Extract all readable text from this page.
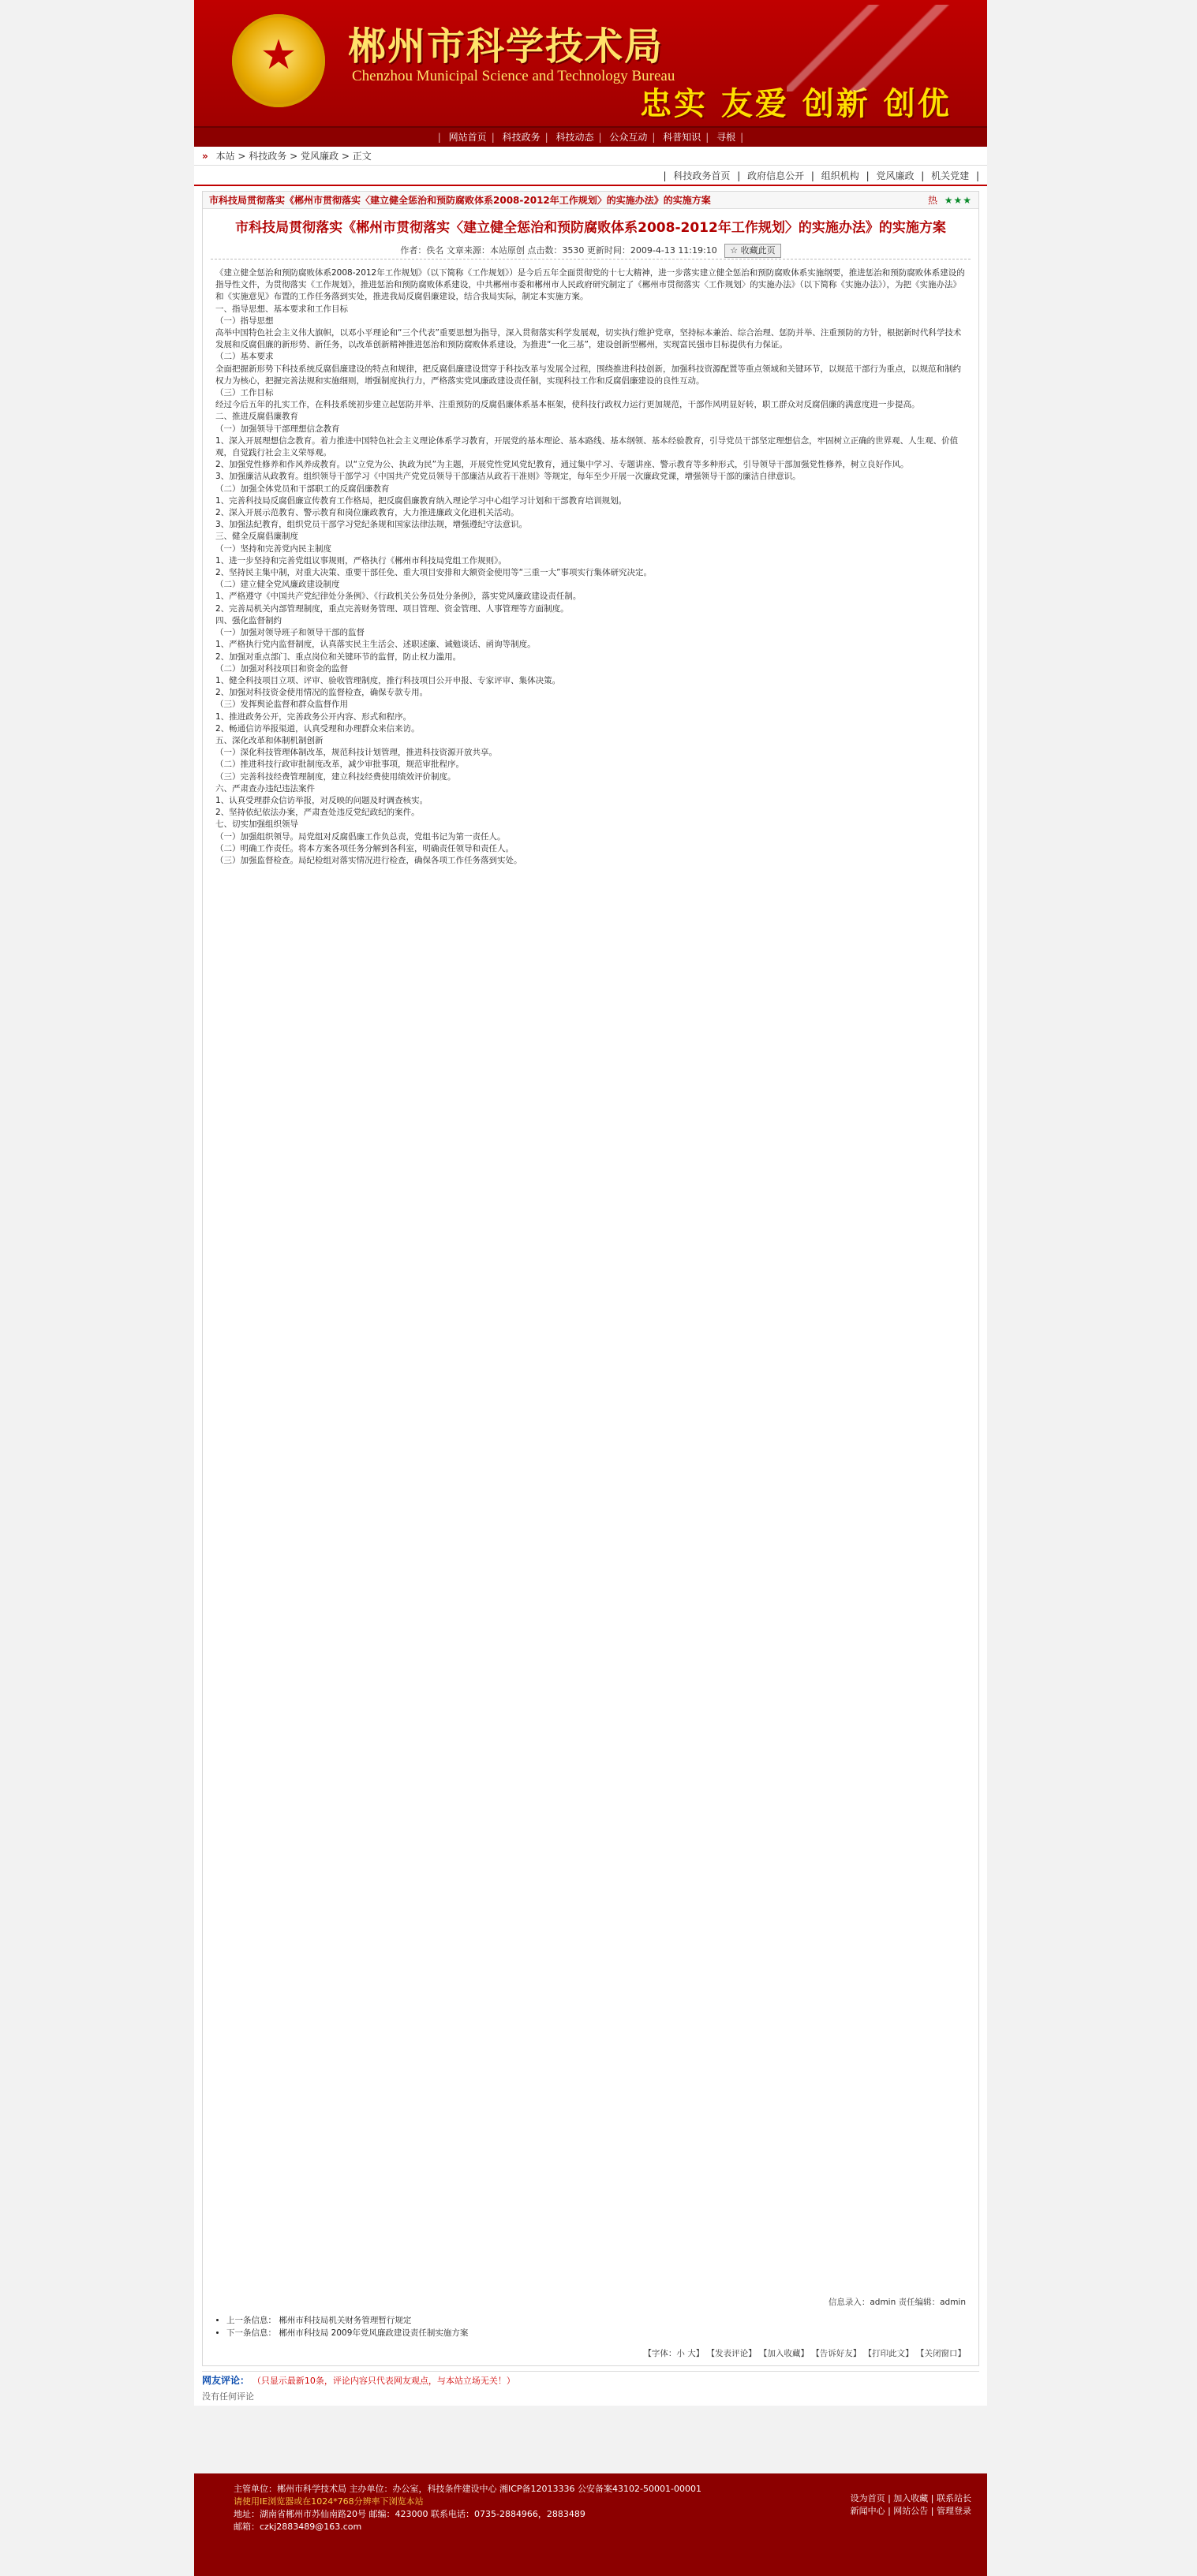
★
郴州市科学技术局
Chenzhou Municipal Science and Technology Bureau
忠实 友爱 创新 创优
| 网站首页 | 科技政务 | 科技动态 | 公众互动 | 科普知识 | 寻根 |
» 本站 > 科技政务 > 党风廉政 > 正文
| 科技政务首页 | 政府信息公开 | 组织机构 | 党风廉政 | 机关党建 |
市科技局贯彻落实《郴州市贯彻落实〈建立健全惩治和预防腐败体系2008-2012年工作规划〉的实施办法》的实施方案	热 ★★★
市科技局贯彻落实《郴州市贯彻落实〈建立健全惩治和预防腐败体系2008-2012年工作规划〉的实施办法》的实施方案
作者：佚名 文章来源：本站原创 点击数：3530 更新时间：2009-4-13 11:19:10 ☆ 收藏此页

《建立健全惩治和预防腐败体系2008-2012年工作规划》（以下简称《工作规划》）是今后五年全面贯彻党的十七大精神，进一步落实建立健全惩治和预防腐败体系实施纲要，推进惩治和预防腐败体系建设的指导性文件，为贯彻落实《工作规划》，推进惩治和预防腐败体系建设，中共郴州市委和郴州市人民政府研究制定了《郴州市贯彻落实〈工作规划〉的实施办法》（以下简称《实施办法》），为把《实施办法》和《实施意见》布置的工作任务落到实处，推进我局反腐倡廉建设，结合我局实际，制定本实施方案。

一、指导思想、基本要求和工作目标

（一）指导思想

高举中国特色社会主义伟大旗帜，以邓小平理论和“三个代表”重要思想为指导，深入贯彻落实科学发展观，切实执行维护党章，坚持标本兼治、综合治理、惩防并举、注重预防的方针，根据新时代科学技术发展和反腐倡廉的新形势、新任务，以改革创新精神推进惩治和预防腐败体系建设，为推进“一化三基”，建设创新型郴州，实现富民强市目标提供有力保证。

（二）基本要求

全面把握新形势下科技系统反腐倡廉建设的特点和规律，把反腐倡廉建设贯穿于科技改革与发展全过程，围绕推进科技创新，加强科技资源配置等重点领域和关键环节，以规范干部行为重点，以规范和制约权力为核心，把握完善法规和实施细则，增强制度执行力，严格落实党风廉政建设责任制，实现科技工作和反腐倡廉建设的良性互动。

（三）工作目标

经过今后五年的扎实工作，在科技系统初步建立起惩防并举、注重预防的反腐倡廉体系基本框架，使科技行政权力运行更加规范，干部作风明显好转，职工群众对反腐倡廉的满意度进一步提高。

二、推进反腐倡廉教育

（一）加强领导干部理想信念教育

1、深入开展理想信念教育。着力推进中国特色社会主义理论体系学习教育，开展党的基本理论、基本路线、基本纲领、基本经验教育，引导党员干部坚定理想信念，牢固树立正确的世界观、人生观、价值观，自觉践行社会主义荣辱观。

2、加强党性修养和作风养成教育。以“立党为公、执政为民”为主题，开展党性党风党纪教育，通过集中学习、专题讲座、警示教育等多种形式，引导领导干部加强党性修养，树立良好作风。

3、加强廉洁从政教育。组织领导干部学习《中国共产党党员领导干部廉洁从政若干准则》等规定，每年至少开展一次廉政党课，增强领导干部的廉洁自律意识。

（二）加强全体党员和干部职工的反腐倡廉教育

1、完善科技局反腐倡廉宣传教育工作格局，把反腐倡廉教育纳入理论学习中心组学习计划和干部教育培训规划。

2、深入开展示范教育、警示教育和岗位廉政教育，大力推进廉政文化进机关活动。

3、加强法纪教育，组织党员干部学习党纪条规和国家法律法规，增强遵纪守法意识。

三、健全反腐倡廉制度

（一）坚持和完善党内民主制度

1、进一步坚持和完善党组议事规则，严格执行《郴州市科技局党组工作规则》。

2、坚持民主集中制，对重大决策、重要干部任免、重大项目安排和大额资金使用等“三重一大”事项实行集体研究决定。

（二）建立健全党风廉政建设制度

1、严格遵守《中国共产党纪律处分条例》、《行政机关公务员处分条例》，落实党风廉政建设责任制。

2、完善局机关内部管理制度，重点完善财务管理、项目管理、资金管理、人事管理等方面制度。

四、强化监督制约

（一）加强对领导班子和领导干部的监督

1、严格执行党内监督制度，认真落实民主生活会、述职述廉、诫勉谈话、函询等制度。

2、加强对重点部门、重点岗位和关键环节的监督，防止权力滥用。

（二）加强对科技项目和资金的监督

1、健全科技项目立项、评审、验收管理制度，推行科技项目公开申报、专家评审、集体决策。

2、加强对科技资金使用情况的监督检查，确保专款专用。

（三）发挥舆论监督和群众监督作用

1、推进政务公开，完善政务公开内容、形式和程序。

2、畅通信访举报渠道，认真受理和办理群众来信来访。

五、深化改革和体制机制创新

（一）深化科技管理体制改革，规范科技计划管理，推进科技资源开放共享。

（二）推进科技行政审批制度改革，减少审批事项，规范审批程序。

（三）完善科技经费管理制度，建立科技经费使用绩效评价制度。

六、严肃查办违纪违法案件

1、认真受理群众信访举报，对反映的问题及时调查核实。

2、坚持依纪依法办案，严肃查处违反党纪政纪的案件。

七、切实加强组织领导

（一）加强组织领导。局党组对反腐倡廉工作负总责，党组书记为第一责任人。

（二）明确工作责任。将本方案各项任务分解到各科室，明确责任领导和责任人。

（三）加强监督检查。局纪检组对落实情况进行检查，确保各项工作任务落到实处。

信息录入：admin 责任编辑：admin
• 上一条信息： 郴州市科技局机关财务管理暂行规定
• 下一条信息： 郴州市科技局 2009年党风廉政建设责任制实施方案
【字体：小 大】 【发表评论】 【加入收藏】 【告诉好友】 【打印此文】 【关闭窗口】
网友评论： （只显示最新10条，评论内容只代表网友观点，与本站立场无关！）
没有任何评论
主管单位：郴州市科学技术局 主办单位：办公室，科技条件建设中心 湘ICP备12013336 公安备案43102-50001-00001
请使用IE浏览器或在1024*768分辨率下浏览本站
地址：湖南省郴州市苏仙南路20号 邮编：423000 联系电话：0735-2884966，2883489
邮箱：czkj2883489@163.com
设为首页 | 加入收藏 | 联系站长
新闻中心 | 网站公告 | 管理登录
